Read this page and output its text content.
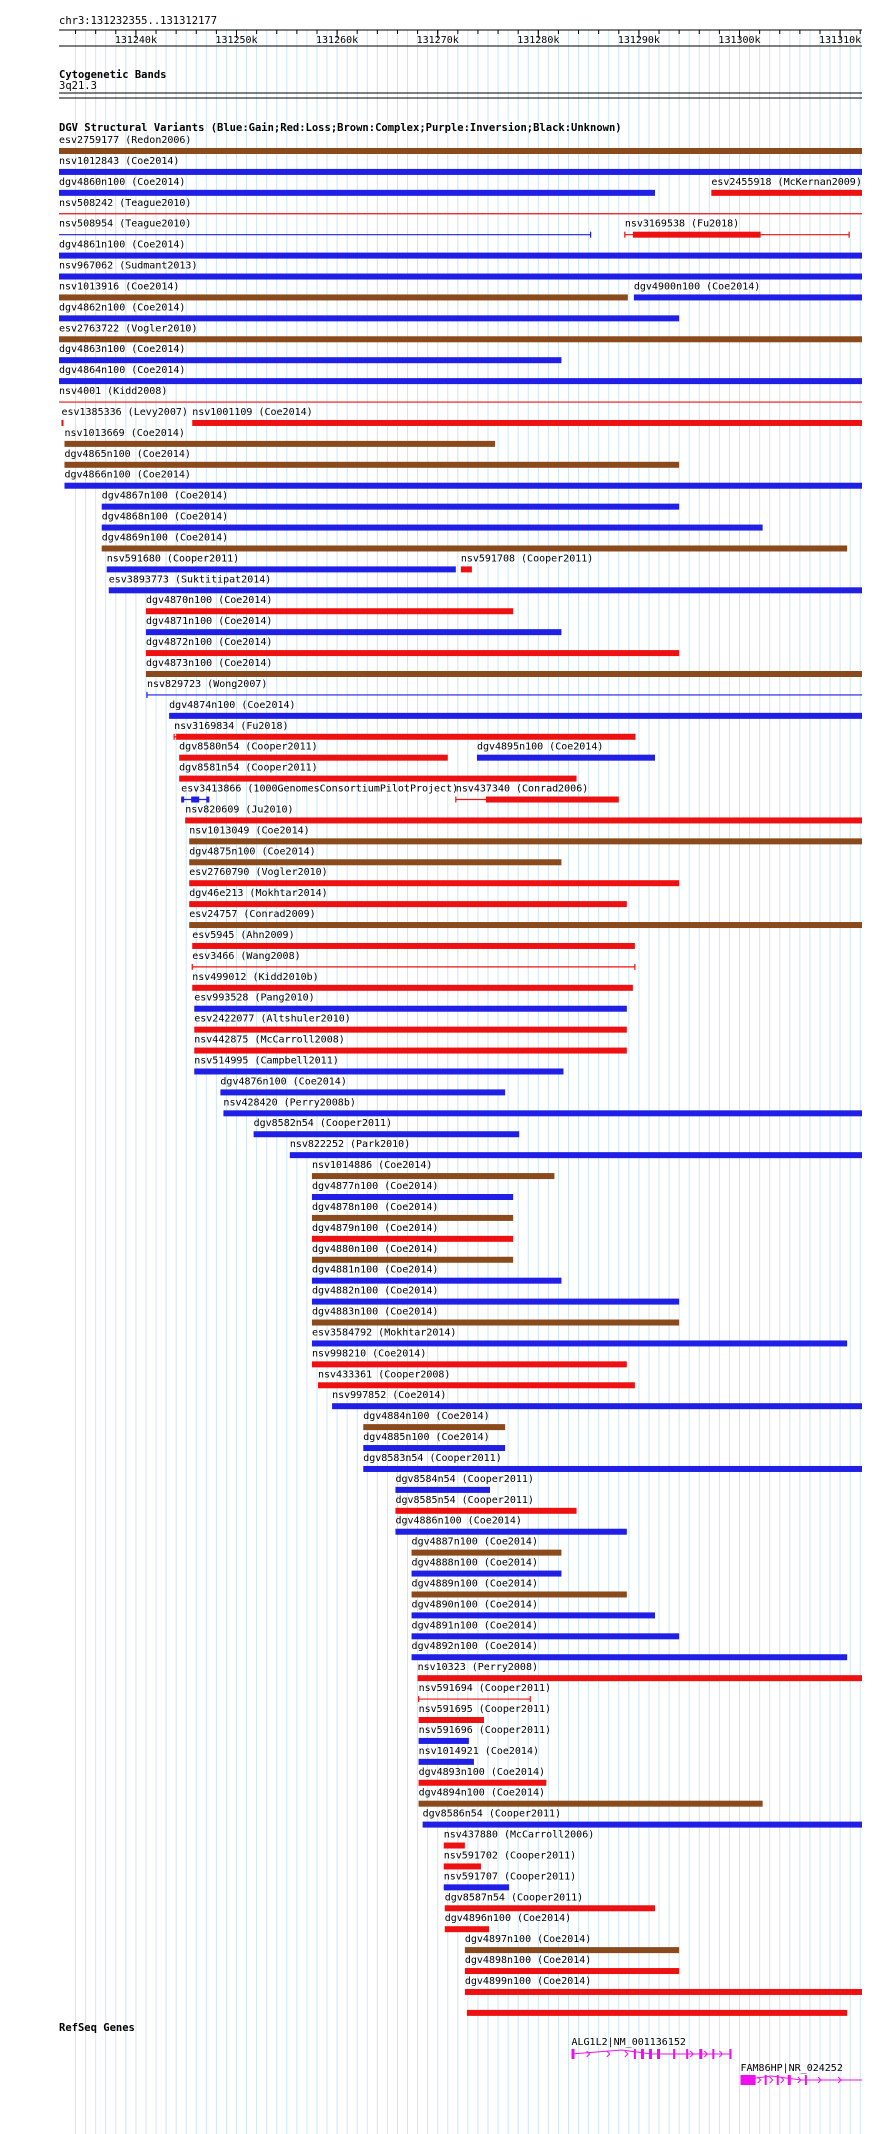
chr3:131232355..131312177
131240k	131250k	131260k	131270k	131280k	131290k	131300k	131310k
Cytogenetic Bands
3q21.3
DGV Structural Variants (Blue:Gain;Red:Loss;Brown:Complex;Purple:Inversion;Black:Unknown)
esv2759177 (Redon2006)
nsv1012843 (Coe2014)
dgv4860n100 (Coe2014)	esv2455918 (McKernan2009)
nsv508242 (Teague2010)
nsv508954 (Teague2010)	nsv3169538 (Fu2018)
dgv4861n100 (Coe2014)
nsv967062 (Sudmant2013)
nsv1013916 (Coe2014)	dgv4900n100 (Coe2014)
dgv4862n100 (Coe2014)
esv2763722 (Vogler2010)
dgv4863n100 (Coe2014)
dgv4864n100 (Coe2014)
nsv4001 (Kidd2008)
esv1385336 (Levy2007) nsv1001109 (Coe2014)
nsv1013669 (Coe2014)
dgv4865n100 (Coe2014)
dgv4866n100 (Coe2014)
dgv4867n100 (Coe2014)
dgv4868n100 (Coe2014)
dgv4869n100 (Coe2014)
nsv591680 (Cooper2011)	nsv591708 (Cooper2011)
esv3893773 (Suktitipat2014)
dgv4870n100 (Coe2014)
dgv4871n100 (Coe2014)
dgv4872n100 (Coe2014)
dgv4873n100 (Coe2014)
nsv829723 (Wong2007)
dgv4874n100 (Coe2014)
nsv3169834 (Fu2018)
dgv8580n54 (Cooper2011)	dgv4895n100 (Coe2014)
dgv8581n54 (Cooper2011)
esv3413866 (1000GenomesConsortiumPilotProject)
nsv437340 (Conrad2006)
nsv820609 (Ju2010)
nsv1013049 (Coe2014)
dgv4875n100 (Coe2014)
esv2760790 (Vogler2010)
dgv46e213 (Mokhtar2014)
esv24757 (Conrad2009)
esv5945 (Ahn2009)
esv3466 (Wang2008)
nsv499012 (Kidd2010b)
esv993528 (Pang2010)
esv2422077 (Altshuler2010)
nsv442875 (McCarroll2008)
nsv514995 (Campbell2011)
dgv4876n100 (Coe2014)
nsv428420 (Perry2008b)
dgv8582n54 (Cooper2011)
nsv822252 (Park2010)
nsv1014886 (Coe2014)
dgv4877n100 (Coe2014)
dgv4878n100 (Coe2014)
dgv4879n100 (Coe2014)
dgv4880n100 (Coe2014)
dgv4881n100 (Coe2014)
dgv4882n100 (Coe2014)
dgv4883n100 (Coe2014)
esv3584792 (Mokhtar2014)
nsv998210 (Coe2014)
nsv433361 (Cooper2008)
nsv997852 (Coe2014)
dgv4884n100 (Coe2014)
dgv4885n100 (Coe2014)
dgv8583n54 (Cooper2011)
dgv8584n54 (Cooper2011)
dgv8585n54 (Cooper2011)
dgv4886n100 (Coe2014)
dgv4887n100 (Coe2014)
dgv4888n100 (Coe2014)
dgv4889n100 (Coe2014)
dgv4890n100 (Coe2014)
dgv4891n100 (Coe2014)
dgv4892n100 (Coe2014)
nsv10323 (Perry2008)
nsv591694 (Cooper2011)
nsv591695 (Cooper2011)
nsv591696 (Cooper2011)
nsv1014921 (Coe2014)
dgv4893n100 (Coe2014)
dgv4894n100 (Coe2014)
dgv8586n54 (Cooper2011)
nsv437880 (McCarroll2006)
nsv591702 (Cooper2011)
nsv591707 (Cooper2011)
dgv8587n54 (Cooper2011)
dgv4896n100 (Coe2014)
dgv4897n100 (Coe2014)
dgv4898n100 (Coe2014)
dgv4899n100 (Coe2014)
RefSeq Genes
ALG1L2|NM_001136152
FAM86HP|NR_024252
